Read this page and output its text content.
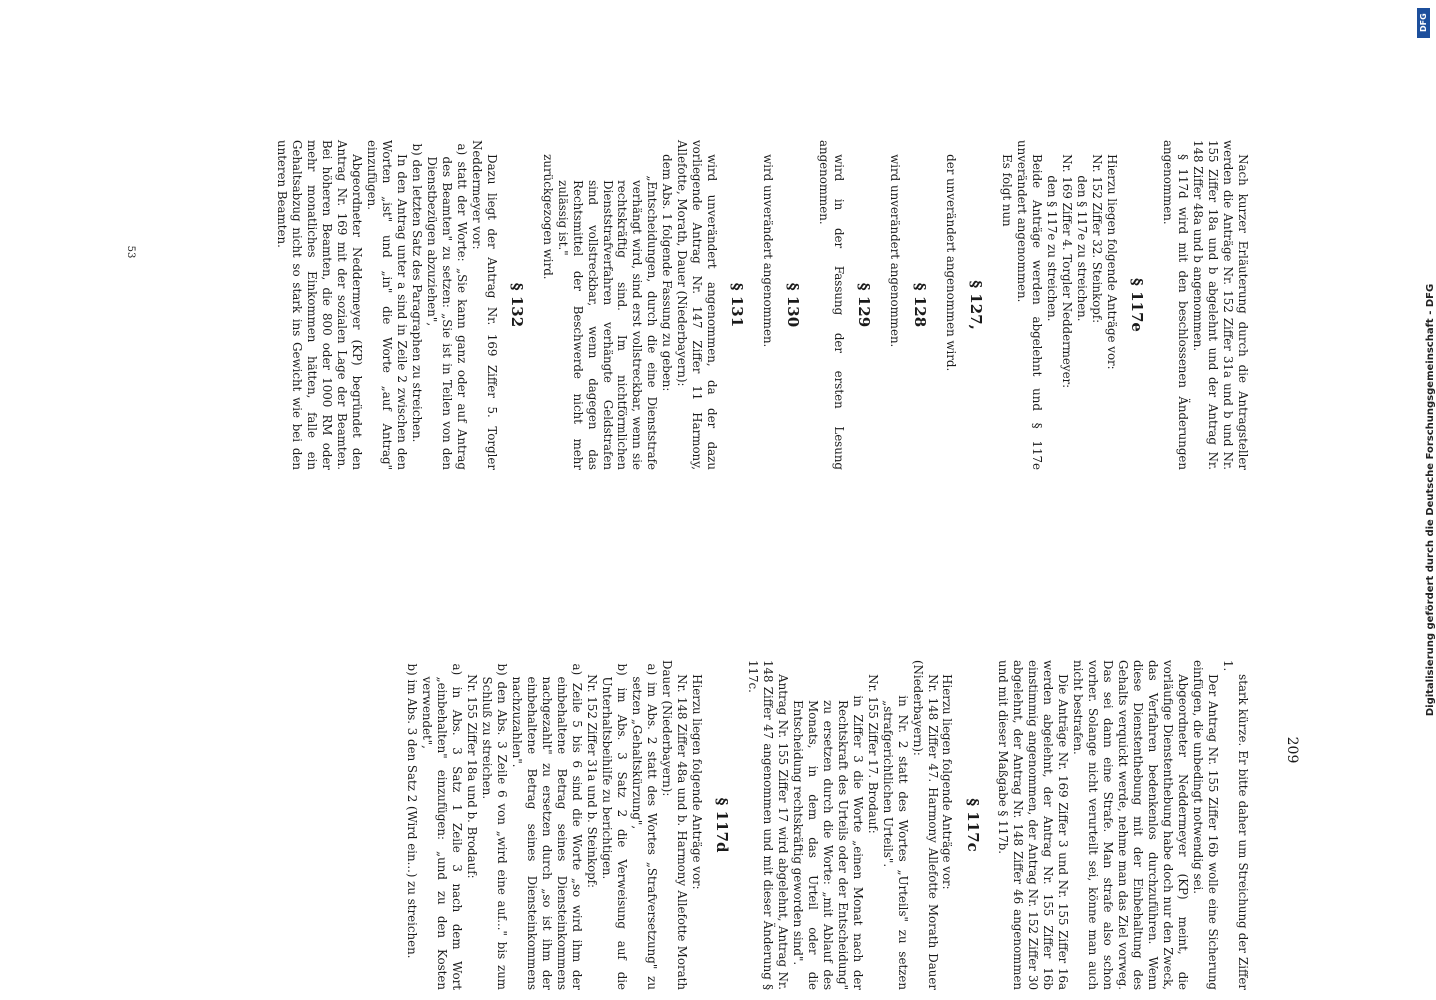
Nach kurzer Erläuterung durch die Antragsteller werden die Anträge Nr. 152 Ziffer 31a und b und Nr. 155 Ziffer 18a und b abgelehnt und der Antrag Nr. 148 Ziffer 48a und b angenommen.

§ 117d wird mit den beschlossenen Änderungen angenommen.

§ 117e

Hierzu liegen folgende Anträge vor:

Nr. 152 Ziffer 32. Steinkopf:

den § 117e zu streichen.

Nr. 169 Ziffer 4. Torgler Neddermeyer:

den § 117e zu streichen.

Beide Anträge werden abgelehnt und § 117e unverändert angenommen.

Es folgt nun

§ 127,

der unverändert angenommen wird.

§ 128

wird unverändert angenommen.

§ 129

wird in der Fassung der ersten Lesung angenommen.

§ 130

wird unverändert angenommen.

§ 131

wird unverändert angenommen, da der dazu vorliegende Antrag Nr. 147 Ziffer 11 Harmony, Allefotte, Morath, Dauer (Niederbayern):

dem Abs. 1 folgende Fassung zu geben:

„Entscheidungen, durch die eine Dienststrafe verhängt wird, sind erst vollstreckbar, wenn sie rechtskräftig sind. Im nichtförmlichen Dienststrafverfahren verhängte Geldstrafen sind vollstreckbar, wenn dagegen das Rechtsmittel der Beschwerde nicht mehr zulässig ist."

zurückgezogen wird.

§ 132

Dazu liegt der Antrag Nr. 169 Ziffer 5. Torgler Neddermeyer vor:

a) statt der Worte: „Sie kann ganz oder auf Antrag des Beamten" zu setzen: „Sie ist in Teilen von den Dienstbezügen abzuziehen",

b) den letzten Satz des Paragraphen zu streichen.

In den Antrag unter a sind in Zeile 2 zwischen den Worten „ist" und „in" die Worte „auf Antrag" einzufügen.

Abgeordneter Neddermeyer (KP) begründet den Antrag Nr. 169 mit der sozialen Lage der Beamten. Bei höheren Beamten, die 800 oder 1000 RM oder mehr monatliches Einkommen hätten, falle ein Gehaltsabzug nicht so stark ins Gewicht wie bei den unteren Beamten.

53
209

stark kürze. Er bitte daher um Streichung der Ziffer 1.

Der Antrag Nr. 155 Ziffer 16b wolle eine Sicherung einfügen, die unbedingt notwendig sei.

Abgeordneter Neddermeyer (KP) meint, die vorläufige Dienstenthebung habe doch nur den Zweck, das Verfahren bedenkenlos durchzuführen. Wenn diese Dienstenthebung mit der Einbehaltung des Gehalts verquickt werde, nehme man das Ziel vorweg. Das sei dann eine Strafe. Man strafe also schon vorher. Solange nicht verurteilt sei, könne man auch nicht bestrafen.

Die Anträge Nr. 169 Ziffer 3 und Nr. 155 Ziffer 16a werden abgelehnt, der Antrag Nr. 155 Ziffer 16b einstimmig angenommen, der Antrag Nr. 152 Ziffer 30 abgelehnt, der Antrag Nr. 148 Ziffer 46 angenommen und mit dieser Maßgabe § 117b.

§ 117c

Hierzu liegen folgende Anträge vor:

Nr. 148 Ziffer 47. Harmony Allefotte Morath Dauer (Niederbayern):

in Nr. 2 statt des Wortes „Urteils" zu setzen „strafgerichtlichen Urteils".

Nr. 155 Ziffer 17. Brodauf:

in Ziffer 3 die Worte „einen Monat nach der Rechtskraft des Urteils oder der Entscheidung" zu ersetzen durch die Worte: „mit Ablauf des Monats, in dem das Urteil oder die Entscheidung rechtskräftig geworden sind".

Antrag Nr. 155 Ziffer 17 wird abgelehnt, Antrag Nr. 148 Ziffer 47 angenommen und mit dieser Änderung § 117c.

§ 117d

Hierzu liegen folgende Anträge vor:

Nr. 148 Ziffer 48a und b. Harmony Allefotte Morath Dauer (Niederbayern):

a) im Abs. 2 statt des Wortes „Strafversetzung" zu setzen „Gehaltskürzung",

b) im Abs. 3 Satz 2 die Verweisung auf die Unterhaltsbeihilfe zu berichtigen.

Nr. 152 Ziffer 31a und b. Steinkopf:

a) Zeile 5 bis 6 sind die Worte „so wird ihm der einbehaltene Betrag seines Diensteinkommens nachgezahlt" zu ersetzen durch „so ist ihm der einbehaltene Betrag seines Diensteinkommens nachzuzahlen".

b) den Abs. 3 Zeile 6 von „wird eine auf..." bis zum Schluß zu streichen.

Nr. 155 Ziffer 18a und b. Brodauf:

a) in Abs. 3 Satz 1 Zeile 3 nach dem Wort „einbehalten" einzufügen: „und zu den Kosten verwendet",

b) im Abs. 3 den Satz 2 (Wird ein...) zu streichen.

DFG
Digitalisierung gefördert durch die Deutsche Forschungsgemeinschaft - DFG
